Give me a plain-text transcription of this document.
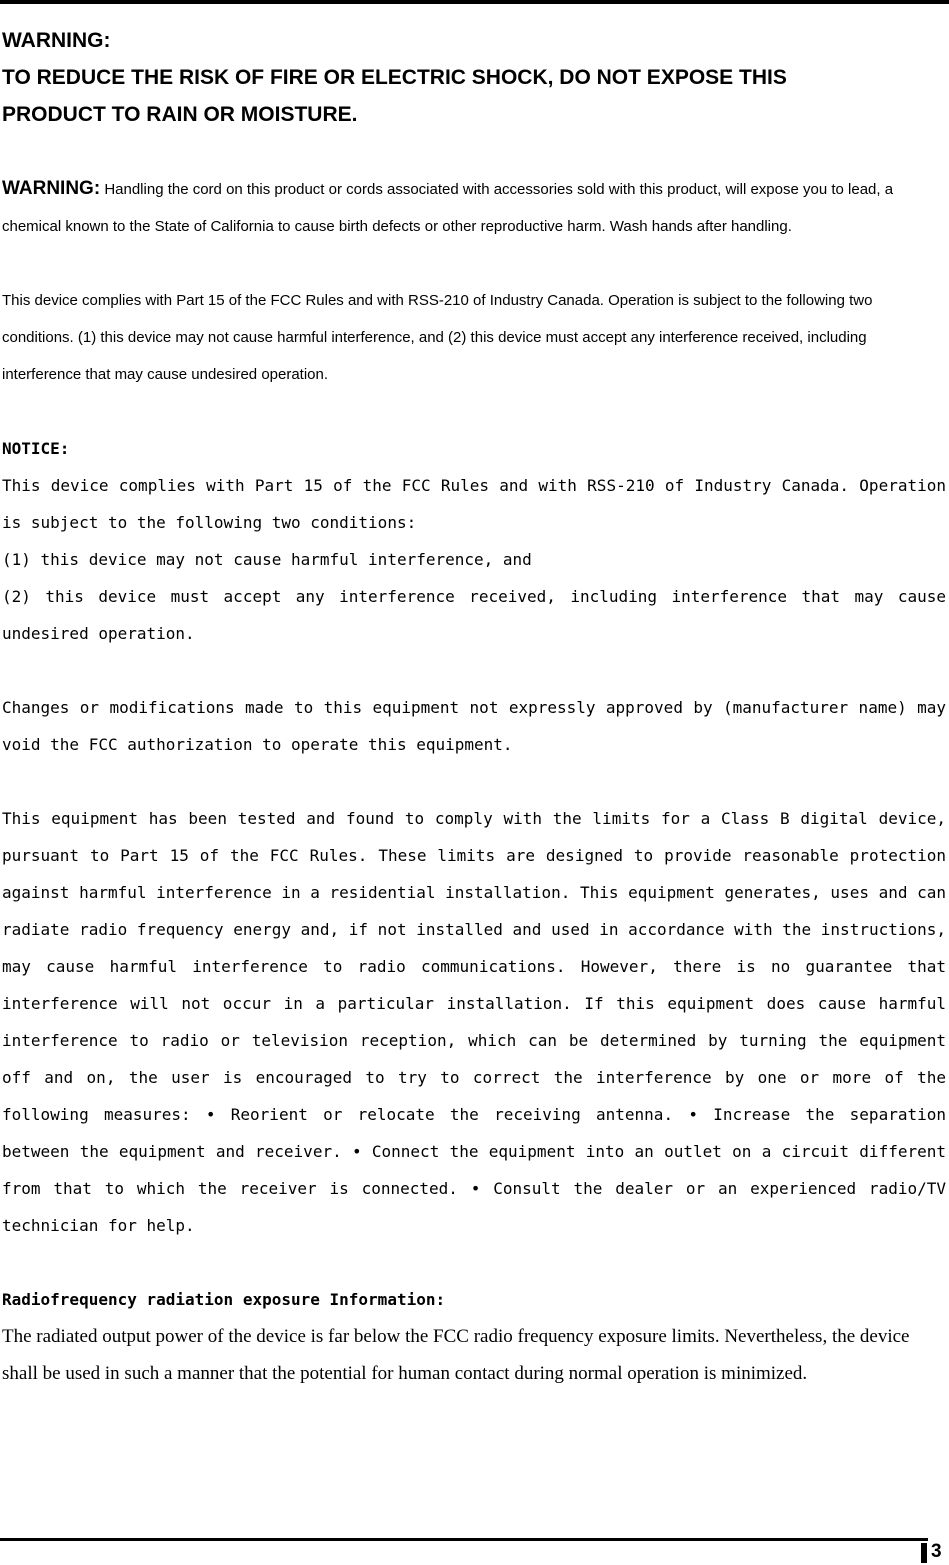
WARNING:
TO REDUCE THE RISK OF FIRE OR ELECTRIC SHOCK, DO NOT EXPOSE THIS
PRODUCT TO RAIN OR MOISTURE.

WARNING: Handling the cord on this product or cords associated with accessories sold with this product, will expose you to lead, a chemical known to the State of California to cause birth defects or other reproductive harm. Wash hands after handling.

This device complies with Part 15 of the FCC Rules and with RSS-210 of Industry Canada. Operation is subject to the following two conditions. (1) this device may not cause harmful interference, and (2) this device must accept any interference received, including interference that may cause undesired operation.

NOTICE:

This device complies with Part 15 of the FCC Rules and with RSS-210 of Industry Canada. Operation is subject to the following two conditions:

(1) this device may not cause harmful interference, and

(2) this device must accept any interference received, including interference that may cause undesired operation.

Changes or modifications made to this equipment not expressly approved by (manufacturer name) may void the FCC authorization to operate this equipment.

This equipment has been tested and found to comply with the limits for a Class B digital device, pursuant to Part 15 of the FCC Rules. These limits are designed to provide reasonable protection against harmful interference in a residential installation. This equipment generates, uses and can radiate radio frequency energy and, if not installed and used in accordance with the instructions, may cause harmful interference to radio communications. However, there is no guarantee that interference will not occur in a particular installation. If this equipment does cause harmful interference to radio or television reception, which can be determined by turning the equipment off and on, the user is encouraged to try to correct the interference by one or more of the following measures: • Reorient or relocate the receiving antenna. • Increase the separation between the equipment and receiver. • Connect the equipment into an outlet on a circuit different from that to which the receiver is connected. • Consult the dealer or an experienced radio/TV technician for help.

Radiofrequency radiation exposure Information:

The radiated output power of the device is far below the FCC radio frequency exposure limits. Nevertheless, the device shall be used in such a manner that the potential for human contact during normal operation is minimized.

3
